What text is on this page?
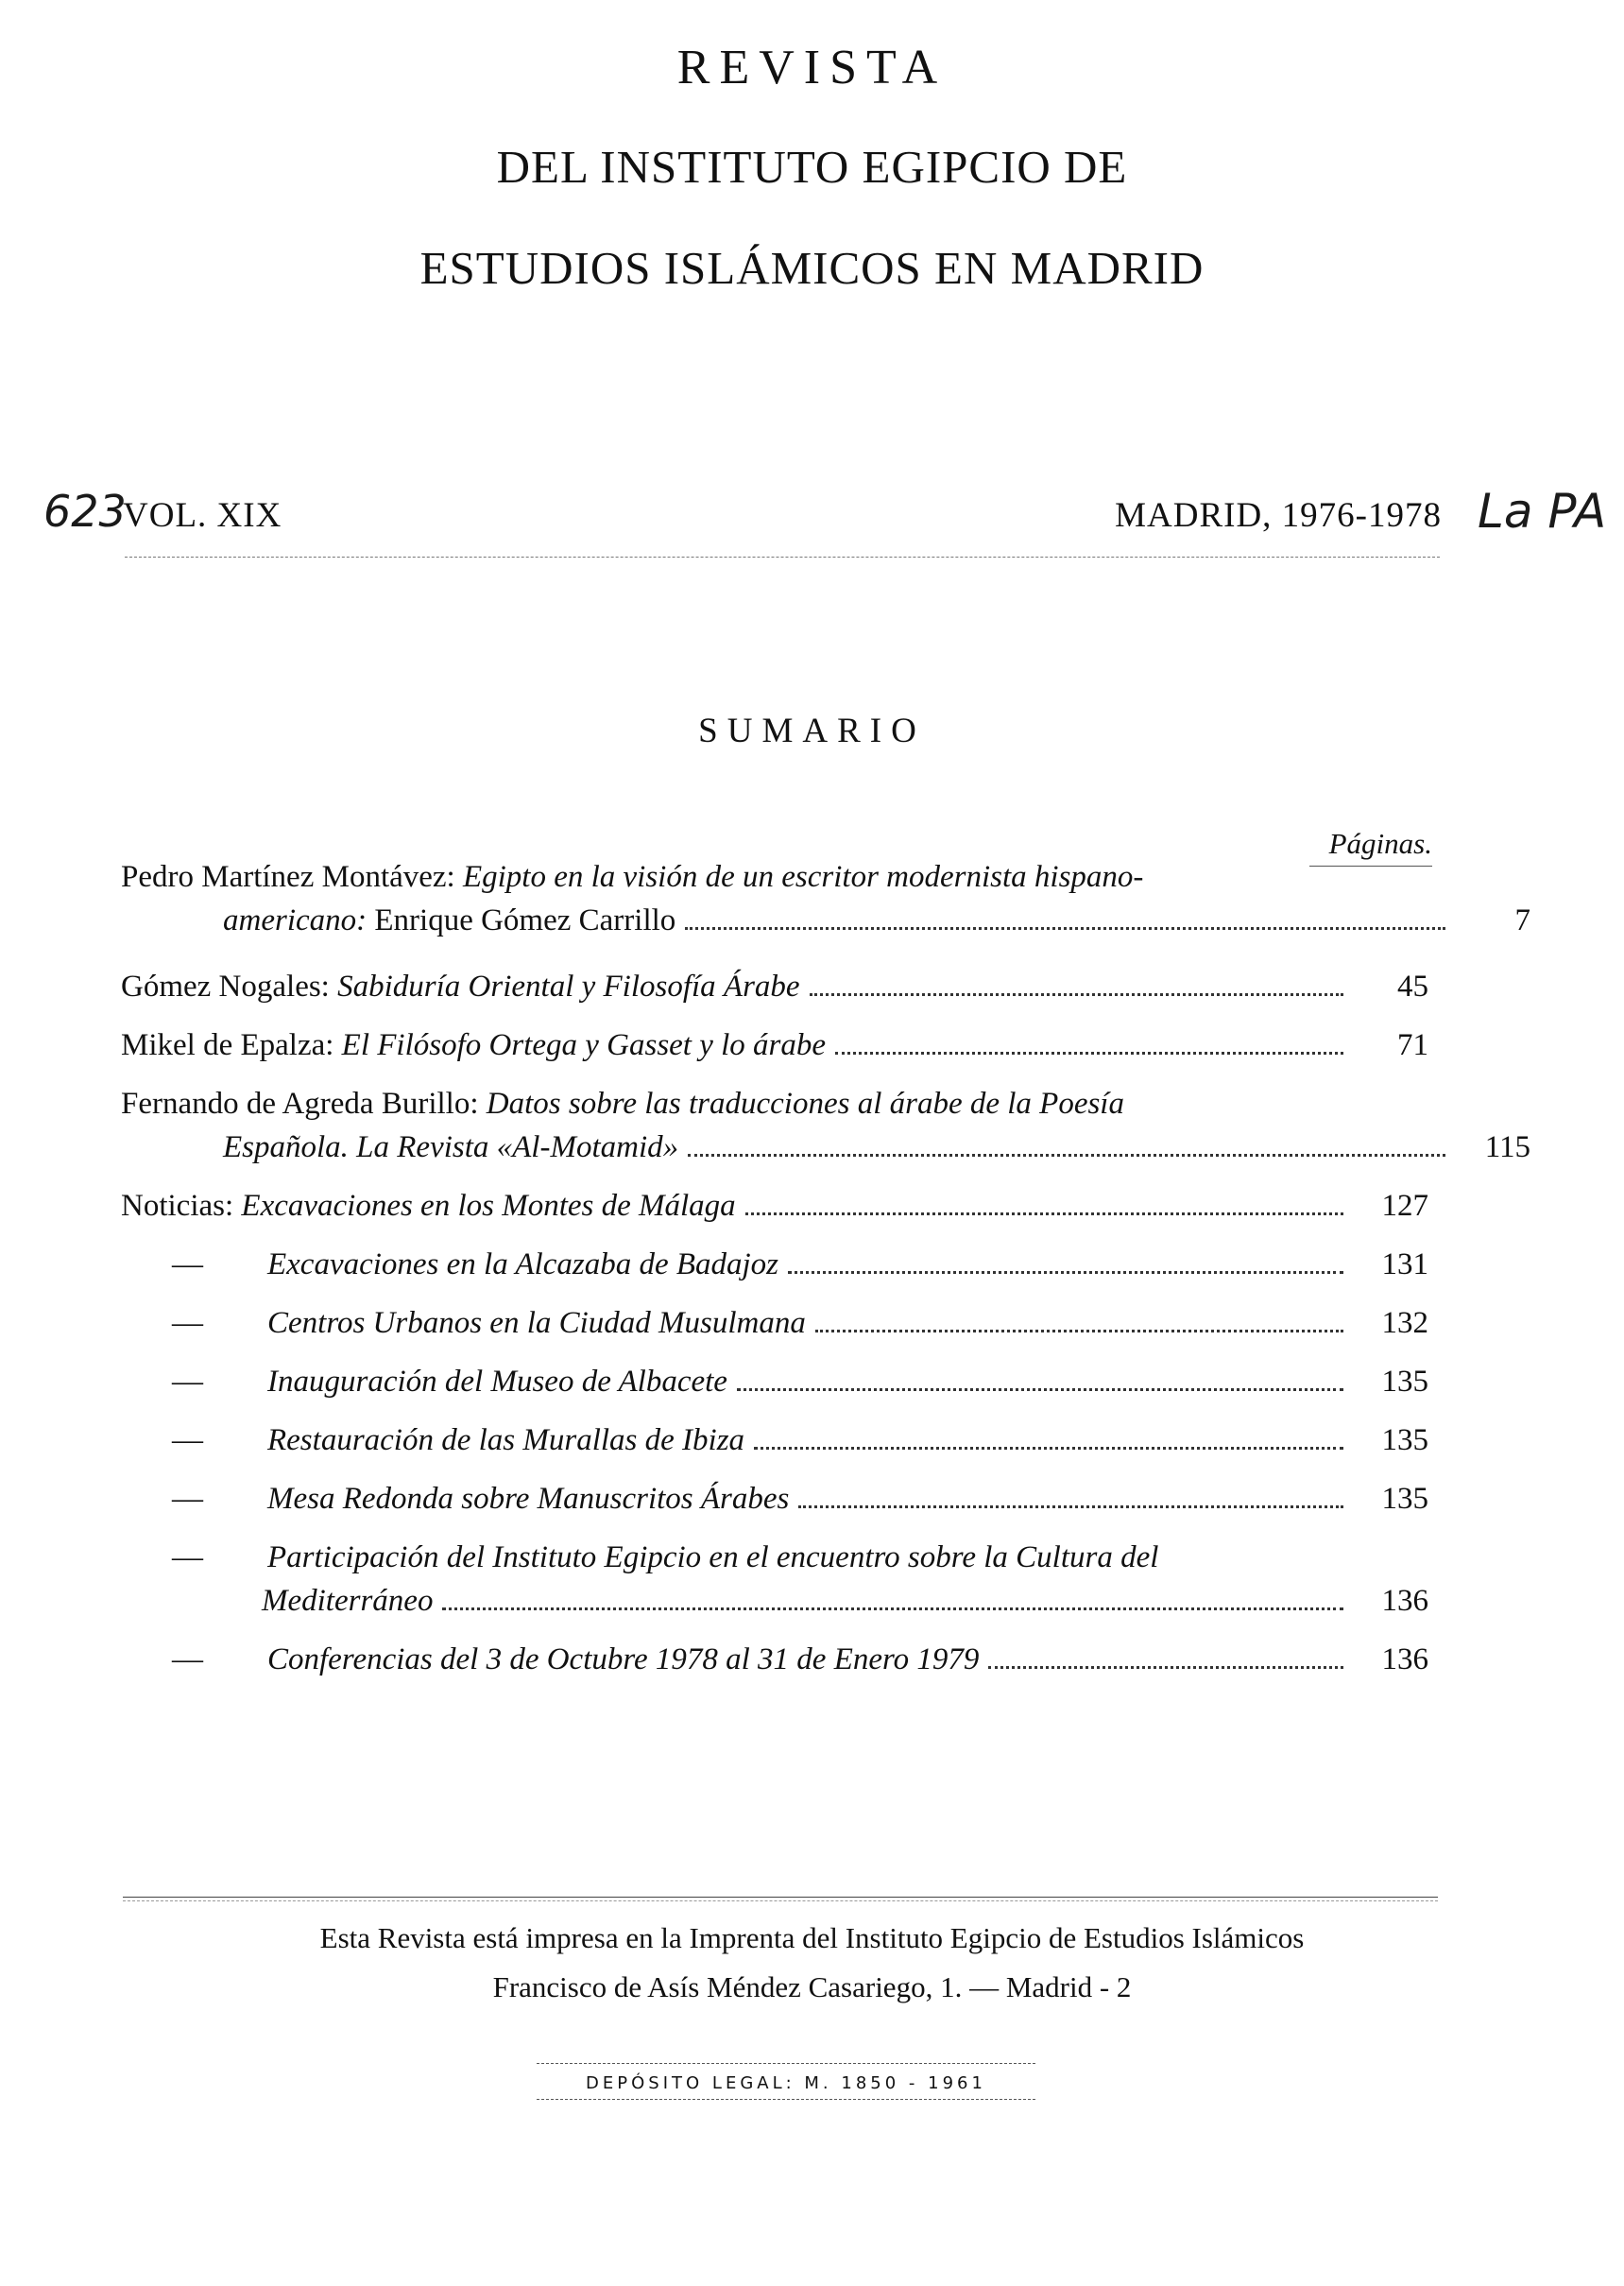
REVISTA
DEL INSTITUTO EGIPCIO DE
ESTUDIOS ISLÁMICOS EN MADRID
623
VOL. XIX	MADRID, 1976-1978 La PA
SUMARIO
Páginas.
Pedro Martínez Montávez:
Egipto en la visión de un escritor modernista hispano-
americano:
Enrique Gómez Carrillo	7
Gómez Nogales:
Sabiduría Oriental y Filosofía Árabe	45
Mikel de Epalza:
El Filósofo Ortega y Gasset y lo árabe	71
Fernando de Agreda Burillo:
Datos sobre las traducciones al árabe de la Poesía
Española. La Revista «Al-Motamid»	115
Noticias:
Excavaciones en los Montes de Málaga	127
—	Excavaciones en la Alcazaba de Badajoz	131
—	Centros Urbanos en la Ciudad Musulmana	132
—	Inauguración del Museo de Albacete	135
—	Restauración de las Murallas de Ibiza	135
—	Mesa Redonda sobre Manuscritos Árabes	135
—	Participación del Instituto Egipcio en el encuentro sobre la Cultura del
Mediterráneo	136
—	Conferencias del 3 de Octubre 1978 al 31 de Enero 1979	136
Esta Revista está impresa en la Imprenta del Instituto Egipcio de Estudios Islámicos
Francisco de Asís Méndez Casariego, 1. — Madrid - 2
DEPÓSITO LEGAL: M. 1850 - 1961
